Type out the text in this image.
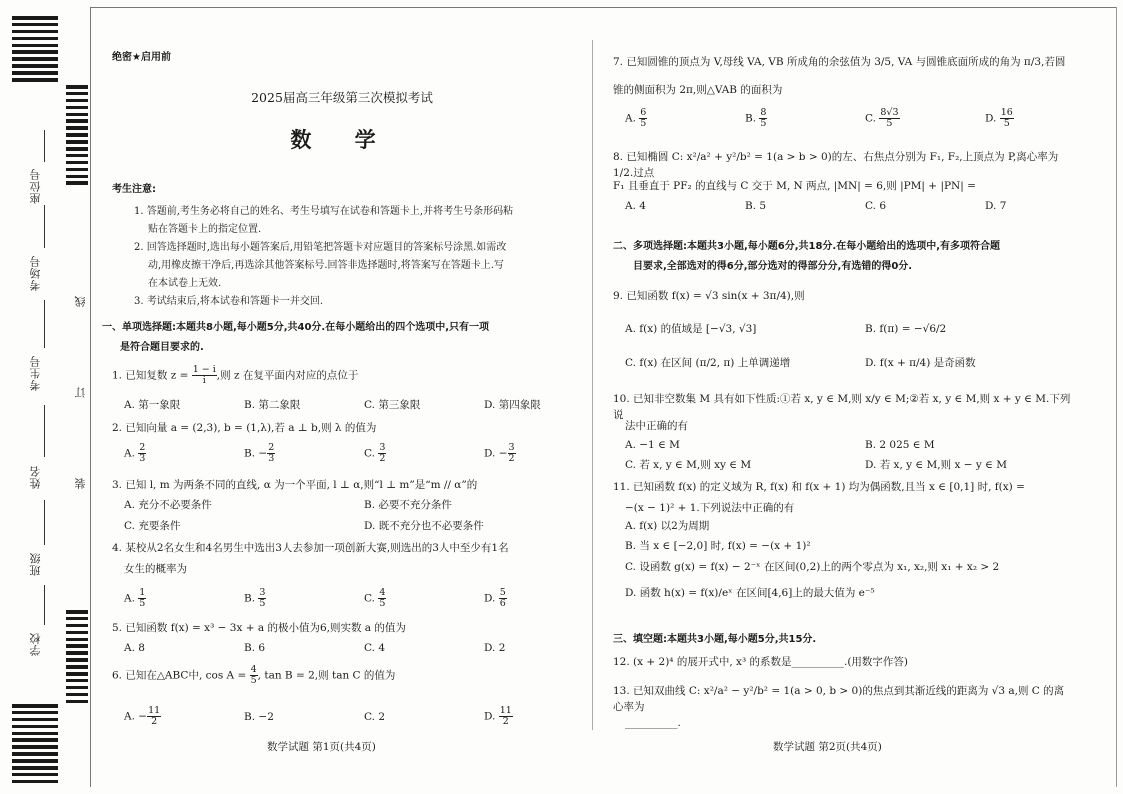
学校
班级
姓名
考生号
考场号
座位号
装
订
线
绝密★启用前
2025届高三年级第三次模拟考试
数 学
考生注意:
1. 答题前,考生务必将自己的姓名、考生号填写在试卷和答题卡上,并将考生号条形码粘
贴在答题卡上的指定位置.
2. 回答选择题时,选出每小题答案后,用铅笔把答题卡对应题目的答案标号涂黑.如需改
动,用橡皮擦干净后,再选涂其他答案标号.回答非选择题时,将答案写在答题卡上.写
在本试卷上无效.
3. 考试结束后,将本试卷和答题卡一并交回.
一、单项选择题:本题共8小题,每小题5分,共40分.在每小题给出的四个选项中,只有一项
是符合题目要求的.
1. 已知复数 $z = \frac{1 - i}{i}$ ,则 z 在复平面内对应的点位于
A. 第一象限	B. 第二象限	C. 第三象限	D. 第四象限
2. 已知向量 a = (2,3), b = (1,λ),若 a ⊥ b,则 λ 的值为
A. $\frac{2}{3}$	B. − $\frac{2}{3}$	C. $\frac{3}{2}$	D. − $\frac{3}{2}$
3. 已知 l, m 为两条不同的直线, α 为一个平面, l ⊥ α,则“l ⊥ m”是“m // α”的
A. 充分不必要条件	B. 必要不充分条件
C. 充要条件	D. 既不充分也不必要条件
4. 某校从2名女生和4名男生中选出3人去参加一项创新大赛,则选出的3人中至少有1名
女生的概率为
A. $\frac{1}{5}$	B. $\frac{3}{5}$	C. $\frac{4}{5}$	D. $\frac{5}{6}$
5. 已知函数 f(x) = x³ − 3x + a 的极小值为6,则实数 a 的值为
A. 8	B. 6	C. 4	D. 2
6. 已知在△ABC中, $\cos A = \frac{4}{5}$ , tan B = 2,则 tan C 的值为
A. − $\frac{11}{2}$	B. −2	C. 2	D. $\frac{11}{2}$
数学试题 第1页(共4页)
7. 已知圆锥的顶点为 V,母线 VA, VB 所成角的余弦值为 3/5, VA 与圆锥底面所成的角为 π/3,若圆
锥的侧面积为 2π,则△VAB 的面积为
A. $\frac{6}{5}$	B. $\frac{8}{5}$	C. $\frac{8√3}{5}$	D. $\frac{16}{5}$
8. 已知椭圆 C: x²/a² + y²/b² = 1(a > b > 0)的左、右焦点分别为 F₁, F₂,上顶点为 P,离心率为 1/2.过点
F₁ 且垂直于 PF₂ 的直线与 C 交于 M, N 两点, |MN| = 6,则 |PM| + |PN| =
A. 4	B. 5	C. 6	D. 7
二、多项选择题:本题共3小题,每小题6分,共18分.在每小题给出的选项中,有多项符合题
目要求,全部选对的得6分,部分选对的得部分分,有选错的得0分.
9. 已知函数 f(x) = √3 sin(x + 3π/4),则
A. f(x) 的值域是 [−√3, √3]	B. f(π) = −√6/2
C. f(x) 在区间 (π/2, π) 上单调递增	D. f(x + π/4) 是奇函数
10. 已知非空数集 M 具有如下性质:①若 x, y ∈ M,则 x/y ∈ M;②若 x, y ∈ M,则 x + y ∈ M.下列说
法中正确的有
A. −1 ∈ M	B. 2 025 ∈ M
C. 若 x, y ∈ M,则 xy ∈ M	D. 若 x, y ∈ M,则 x − y ∈ M
11. 已知函数 f(x) 的定义域为 R, f(x) 和 f(x + 1) 均为偶函数,且当 x ∈ [0,1] 时, f(x) =
−(x − 1)² + 1.下列说法中正确的有
A. f(x) 以2为周期
B. 当 x ∈ [−2,0] 时, f(x) = −(x + 1)²
C. 设函数 g(x) = f(x) − 2⁻ˣ 在区间(0,2)上的两个零点为 x₁, x₂,则 x₁ + x₂ > 2
D. 函数 h(x) = f(x)/eˣ 在区间[4,6]上的最大值为 e⁻⁵
三、填空题:本题共3小题,每小题5分,共15分.
12. (x + 2)⁴ 的展开式中, x³ 的系数是__________.(用数字作答)
13. 已知双曲线 C: x²/a² − y²/b² = 1(a > 0, b > 0)的焦点到其渐近线的距离为 √3 a,则 C 的离心率为
__________.
数学试题 第2页(共4页)
